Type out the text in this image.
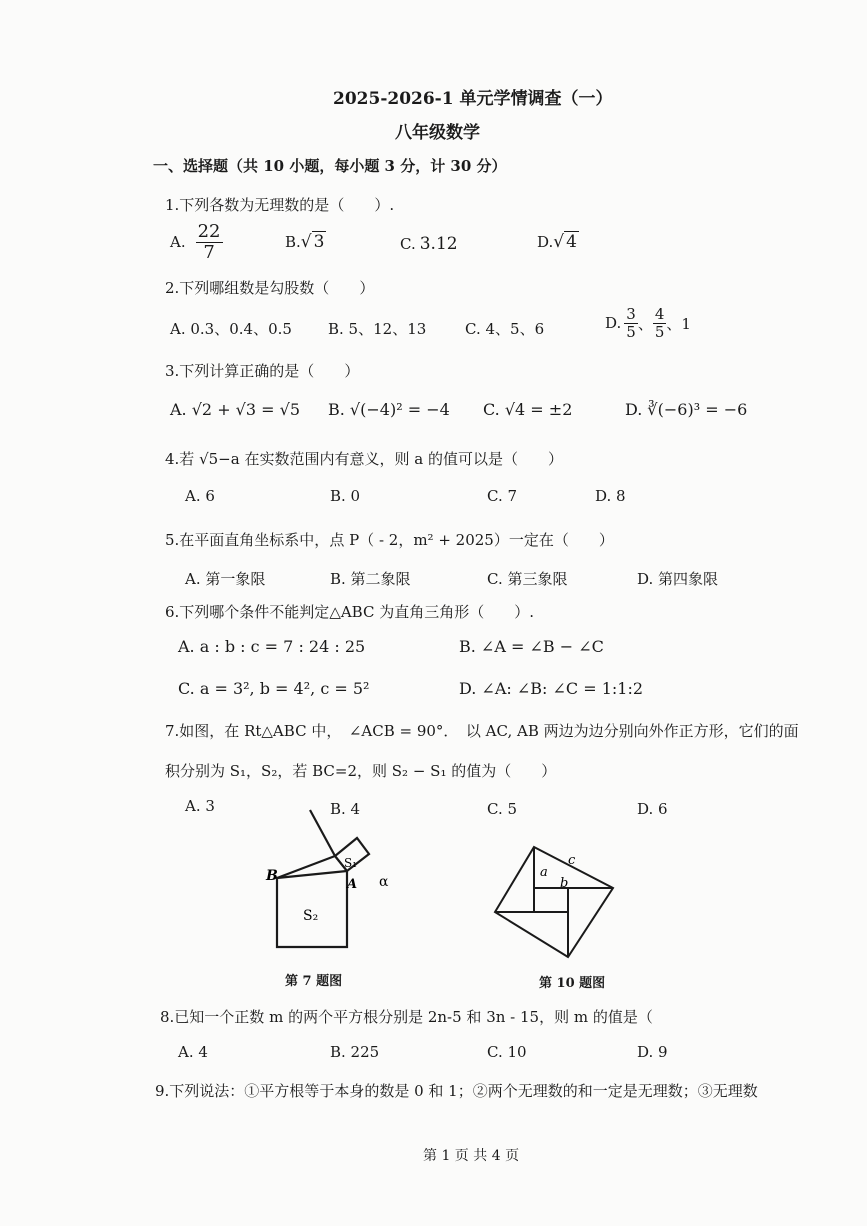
2025-2026-1 单元学情调查（一）
八年级数学
一、选择题（共 10 小题，每小题 3 分，计 30 分）
1.下列各数为无理数的是（　　）.
A. $\frac{22}{7}$	B.√ 3	C. 3.12	D.√ 4
2.下列哪组数是勾股数（　　）
A. 0.3、0.4、0.5 B. 5、12、13	C. 4、5、6	D. $\frac{3}{5}$ 、 $\frac{4}{5}$ 、1
3.下列计算正确的是（　　）
A. √2 + √3 = √5 B. √(−4)² = −4 C. √4 = ±2	D. ∛(−6)³ = −6
4.若 √5−a 在实数范围内有意义，则 a 的值可以是（　　）
A. 6	B. 0	C. 7	D. 8
5.在平面直角坐标系中，点 P（ - 2，m² + 2025）一定在（　　）
A. 第一象限	B. 第二象限	C. 第三象限	D. 第四象限
6.下列哪个条件不能判定△ABC 为直角三角形（　　）.
A. a : b : c = 7 : 24 : 25	B. ∠A = ∠B − ∠C
C. a = 3², b = 4², c = 5²	D. ∠A: ∠B: ∠C = 1:1:2
7.如图，在 Rt△ABC 中，　∠ACB = 90°．　以 AC, AB 两边为边分别向外作正方形，它们的面
积分别为 S₁，S₂，若 BC=2，则 S₂ − S₁ 的值为（　　）
A. 3	B. 4	C. 5	D. 6
B
A
S₁
S₂
α
第 7 题图
a
b
c
第 10 题图
8.已知一个正数 m 的两个平方根分别是 2n-5 和 3n - 15，则 m 的值是（
A. 4	B. 225	C. 10	D. 9
9.下列说法：①平方根等于本身的数是 0 和 1；②两个无理数的和一定是无理数；③无理数
第 1 页 共 4 页
